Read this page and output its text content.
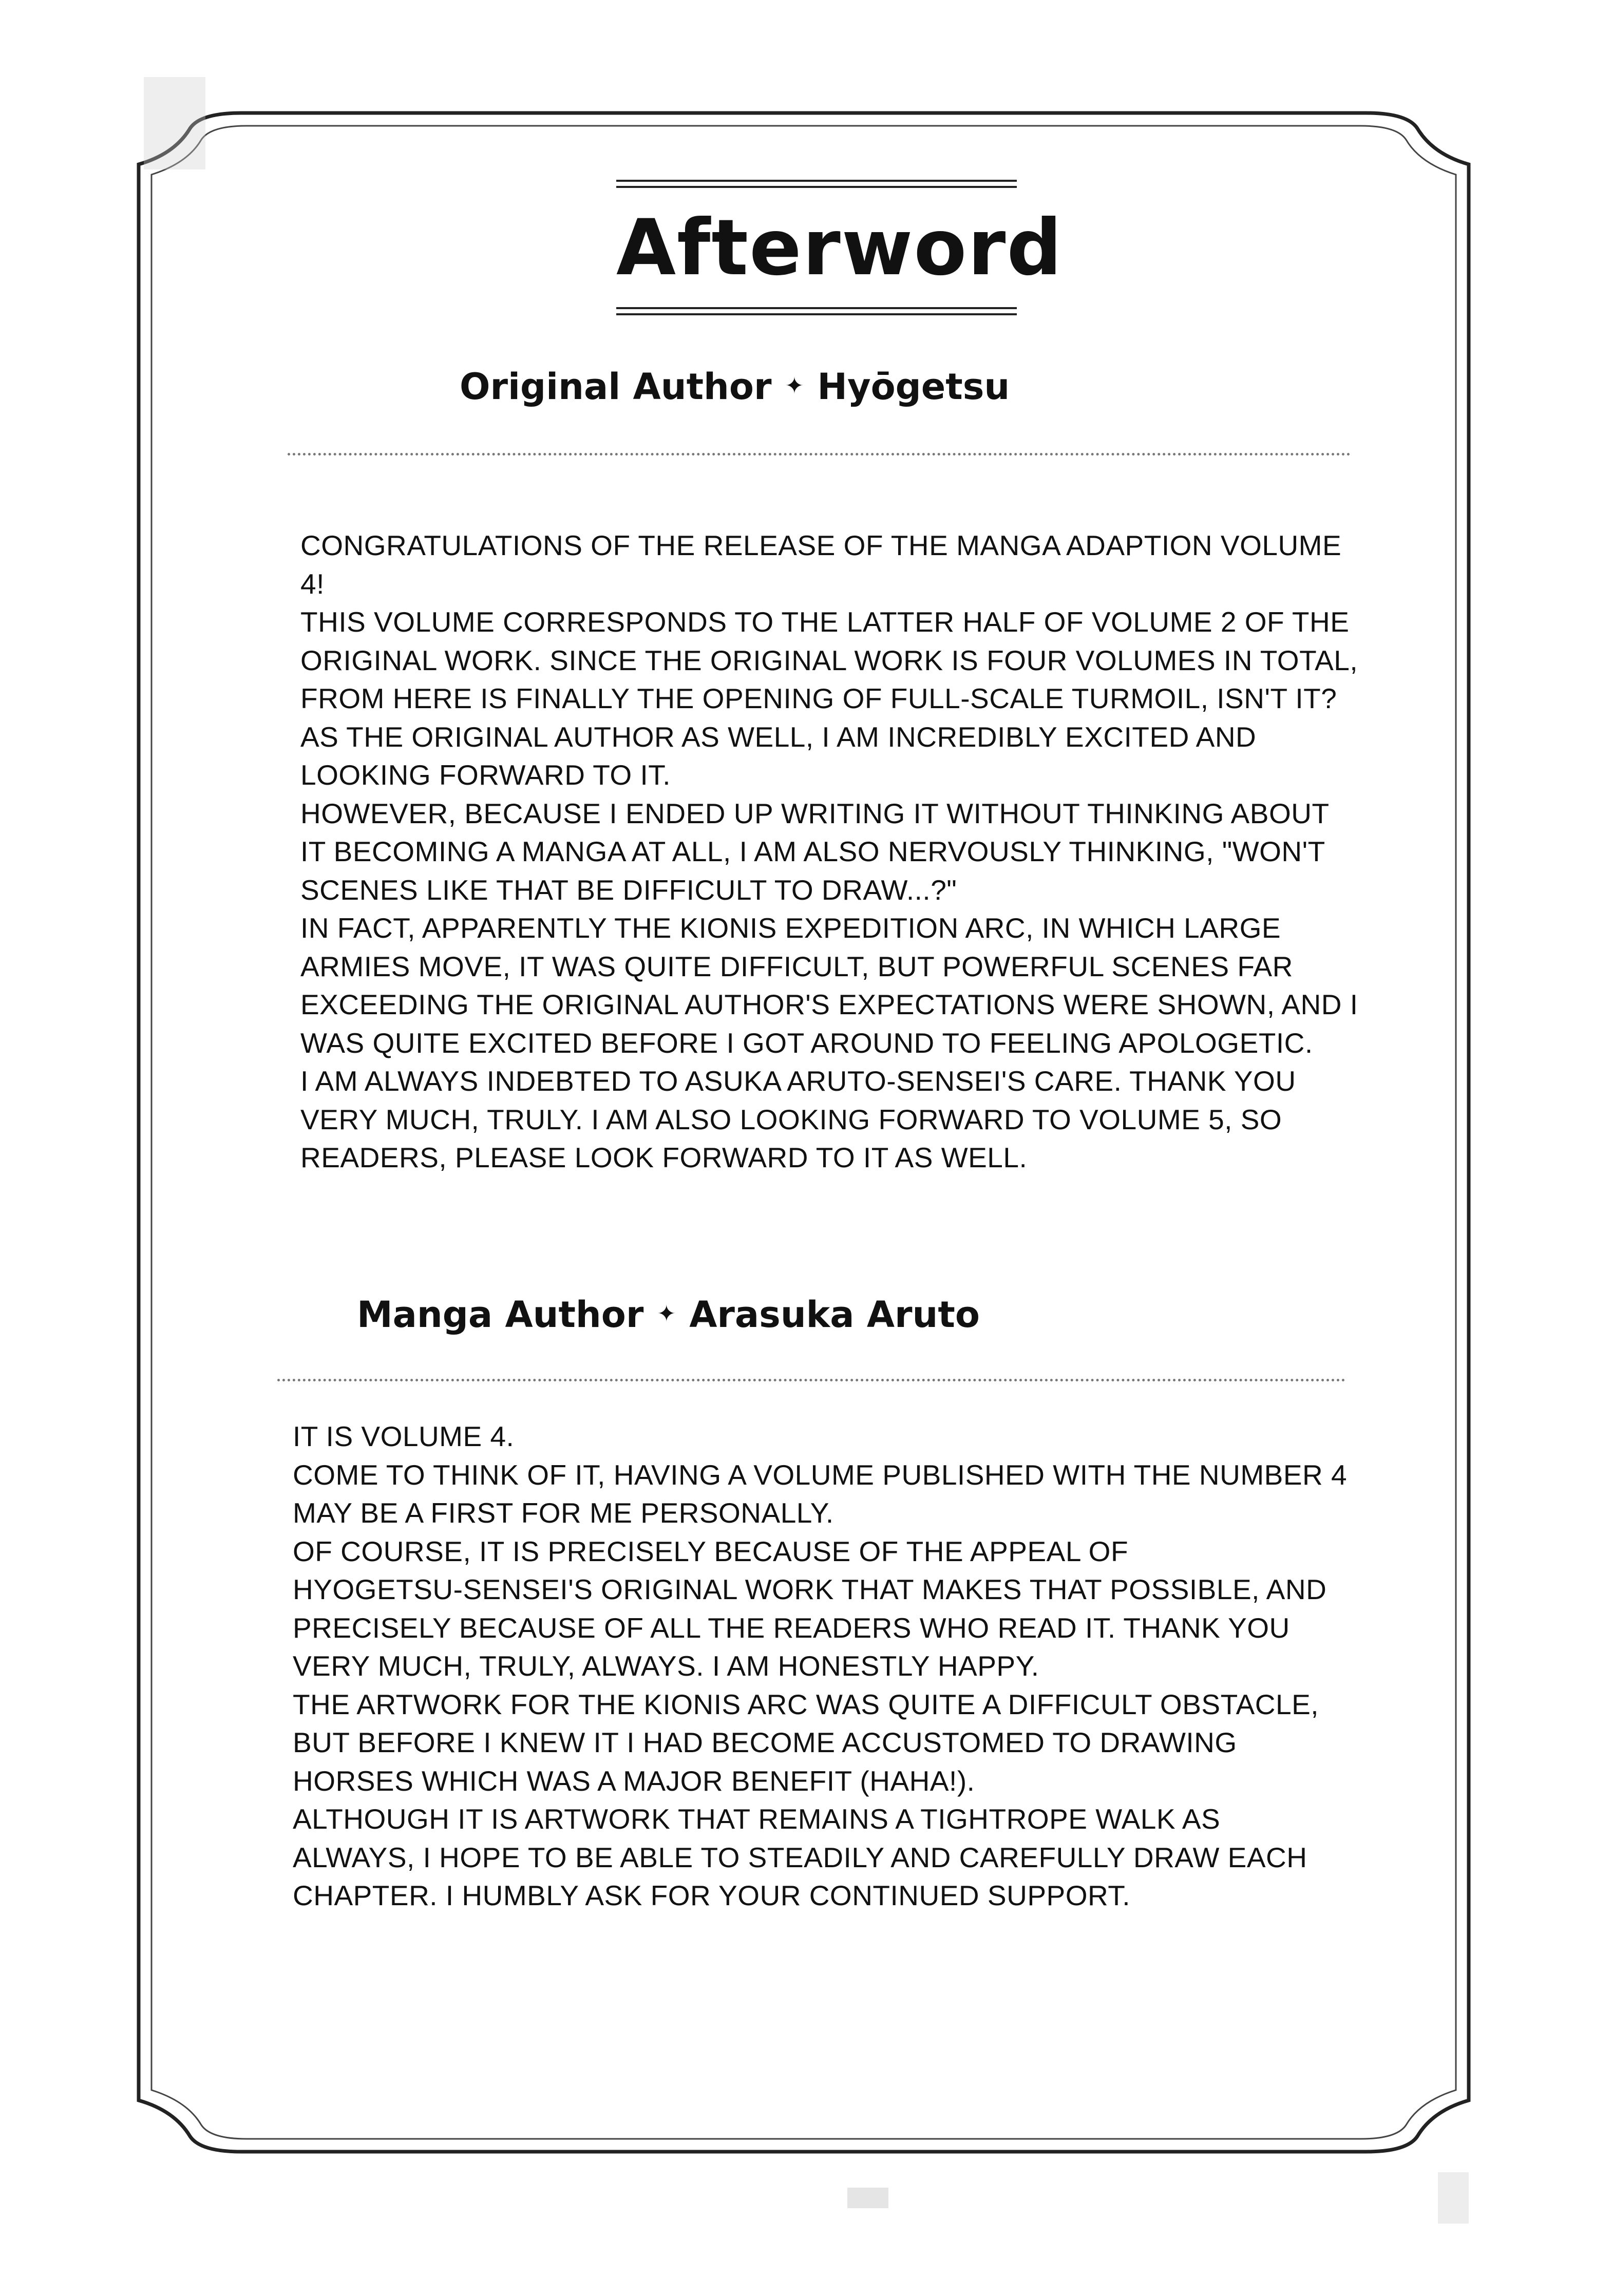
Afterword
Original Author ✦ Hyōgetsu
CONGRATULATIONS OF THE RELEASE OF THE MANGA ADAPTION VOLUME
4!
THIS VOLUME CORRESPONDS TO THE LATTER HALF OF VOLUME 2 OF THE
ORIGINAL WORK. SINCE THE ORIGINAL WORK IS FOUR VOLUMES IN TOTAL,
FROM HERE IS FINALLY THE OPENING OF FULL-SCALE TURMOIL, ISN'T IT?
AS THE ORIGINAL AUTHOR AS WELL, I AM INCREDIBLY EXCITED AND
LOOKING FORWARD TO IT.
HOWEVER, BECAUSE I ENDED UP WRITING IT WITHOUT THINKING ABOUT
IT BECOMING A MANGA AT ALL, I AM ALSO NERVOUSLY THINKING, "WON'T
SCENES LIKE THAT BE DIFFICULT TO DRAW...?"
IN FACT, APPARENTLY THE KIONIS EXPEDITION ARC, IN WHICH LARGE
ARMIES MOVE, IT WAS QUITE DIFFICULT, BUT POWERFUL SCENES FAR
EXCEEDING THE ORIGINAL AUTHOR'S EXPECTATIONS WERE SHOWN, AND I
WAS QUITE EXCITED BEFORE I GOT AROUND TO FEELING APOLOGETIC.
I AM ALWAYS INDEBTED TO ASUKA ARUTO-SENSEI'S CARE. THANK YOU
VERY MUCH, TRULY. I AM ALSO LOOKING FORWARD TO VOLUME 5, SO
READERS, PLEASE LOOK FORWARD TO IT AS WELL.
Manga Author ✦ Arasuka Aruto
IT IS VOLUME 4.
COME TO THINK OF IT, HAVING A VOLUME PUBLISHED WITH THE NUMBER 4
MAY BE A FIRST FOR ME PERSONALLY.
OF COURSE, IT IS PRECISELY BECAUSE OF THE APPEAL OF
HYOGETSU-SENSEI'S ORIGINAL WORK THAT MAKES THAT POSSIBLE, AND
PRECISELY BECAUSE OF ALL THE READERS WHO READ IT. THANK YOU
VERY MUCH, TRULY, ALWAYS. I AM HONESTLY HAPPY.
THE ARTWORK FOR THE KIONIS ARC WAS QUITE A DIFFICULT OBSTACLE,
BUT BEFORE I KNEW IT I HAD BECOME ACCUSTOMED TO DRAWING
HORSES WHICH WAS A MAJOR BENEFIT (HAHA!).
ALTHOUGH IT IS ARTWORK THAT REMAINS A TIGHTROPE WALK AS
ALWAYS, I HOPE TO BE ABLE TO STEADILY AND CAREFULLY DRAW EACH
CHAPTER. I HUMBLY ASK FOR YOUR CONTINUED SUPPORT.
